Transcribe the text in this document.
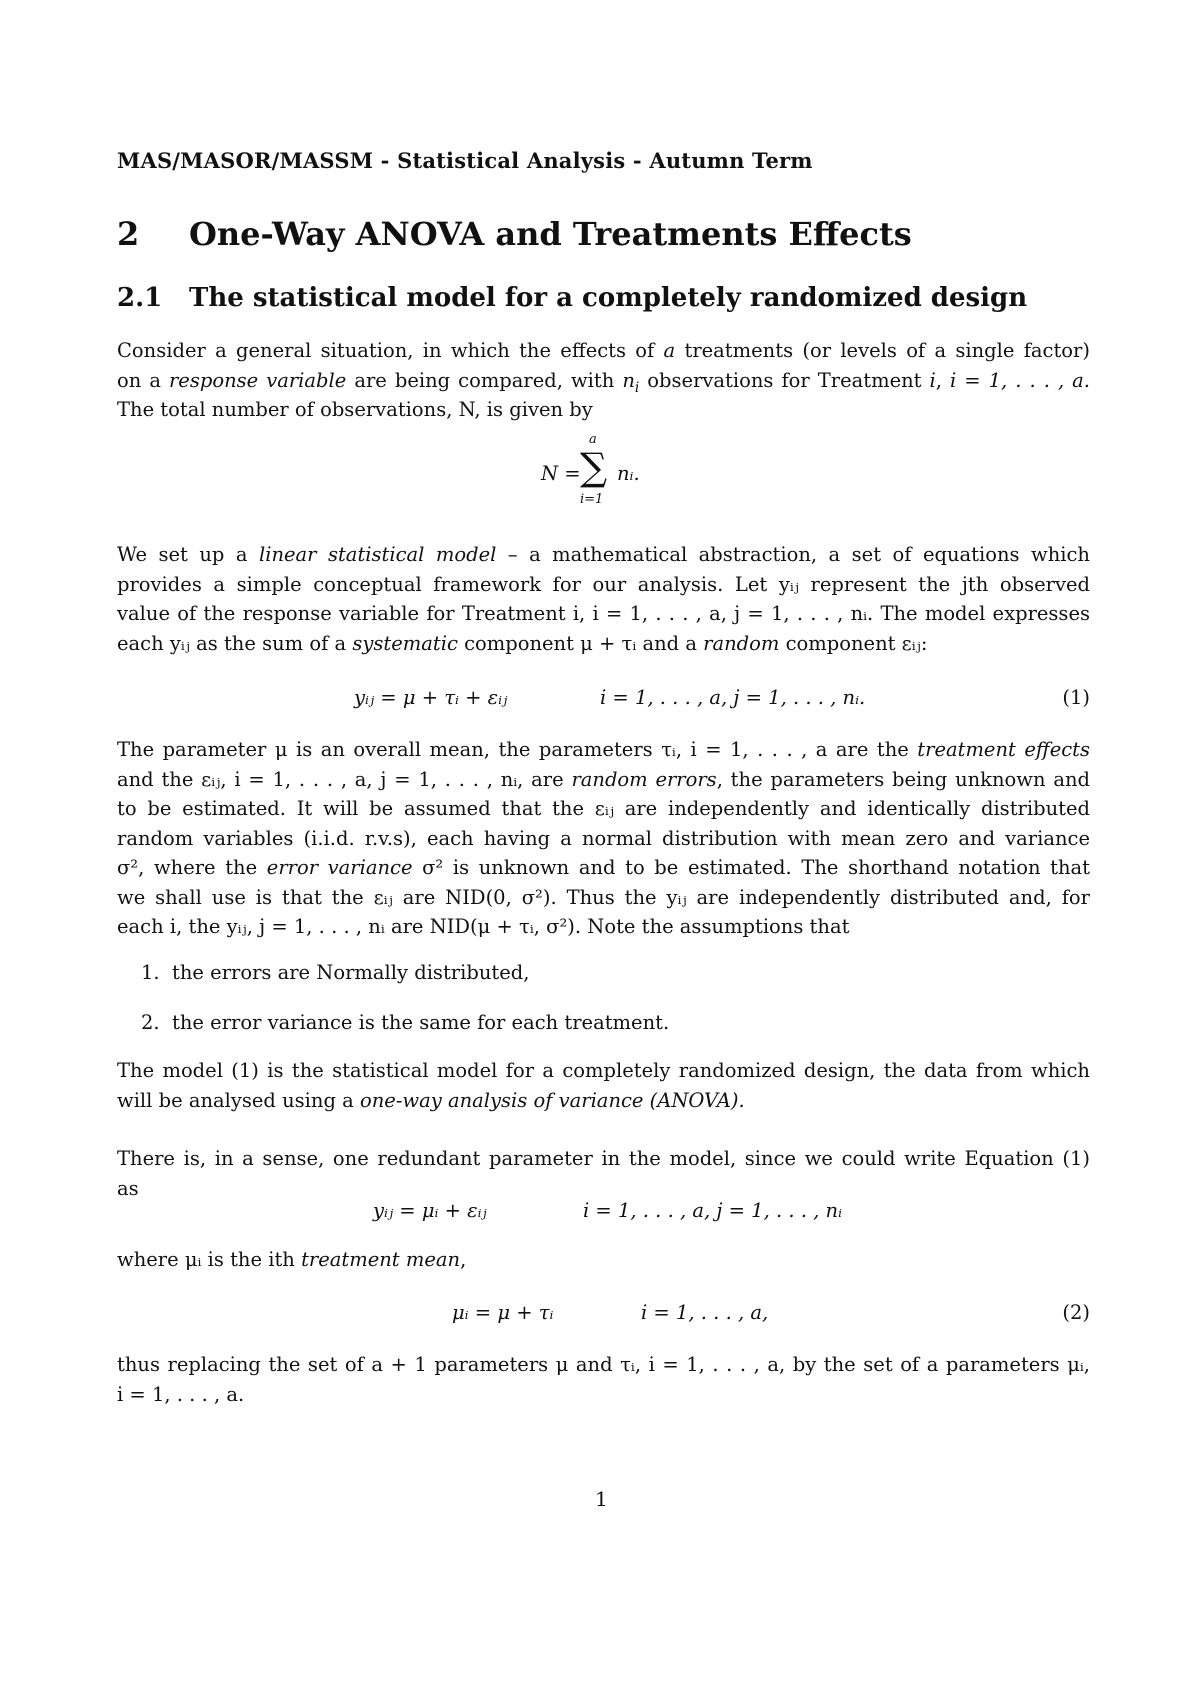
MAS/MASOR/MASSM - Statistical Analysis - Autumn Term
2 One-Way ANOVA and Treatments Effects
2.1 The statistical model for a completely randomized design
Consider a general situation, in which the effects of a treatments (or levels of a single factor)
on a response variable are being compared, with $n_i$ observations for Treatment i, i = 1, . . . , a.
The total number of observations, N, is given by
N =
a
∑
i=1
nᵢ.
We set up a linear statistical model – a mathematical abstraction, a set of equations which
provides a simple conceptual framework for our analysis. Let yᵢⱼ represent the jth observed
value of the response variable for Treatment i, i = 1, . . . , a, j = 1, . . . , nᵢ. The model expresses
each yᵢⱼ as the sum of a systematic component μ + τᵢ and a random component εᵢⱼ:
yᵢⱼ = μ + τᵢ + εᵢⱼ	i = 1, . . . , a, j = 1, . . . , nᵢ.	(1)
The parameter μ is an overall mean, the parameters τᵢ, i = 1, . . . , a are the treatment effects
and the εᵢⱼ, i = 1, . . . , a, j = 1, . . . , nᵢ, are random errors, the parameters being unknown and
to be estimated. It will be assumed that the εᵢⱼ are independently and identically distributed
random variables (i.i.d. r.v.s), each having a normal distribution with mean zero and variance
σ², where the error variance σ² is unknown and to be estimated. The shorthand notation that
we shall use is that the εᵢⱼ are NID(0, σ²). Thus the yᵢⱼ are independently distributed and, for
each i, the yᵢⱼ, j = 1, . . . , nᵢ are NID(μ + τᵢ, σ²). Note the assumptions that
1. the errors are Normally distributed,
2. the error variance is the same for each treatment.
The model (1) is the statistical model for a completely randomized design, the data from which
will be analysed using a one-way analysis of variance (ANOVA).
There is, in a sense, one redundant parameter in the model, since we could write Equation (1)
as
yᵢⱼ = μᵢ + εᵢⱼ	i = 1, . . . , a, j = 1, . . . , nᵢ
where μᵢ is the ith treatment mean,
μᵢ = μ + τᵢ	i = 1, . . . , a,	(2)
thus replacing the set of a + 1 parameters μ and τᵢ, i = 1, . . . , a, by the set of a parameters μᵢ,
i = 1, . . . , a.
1
